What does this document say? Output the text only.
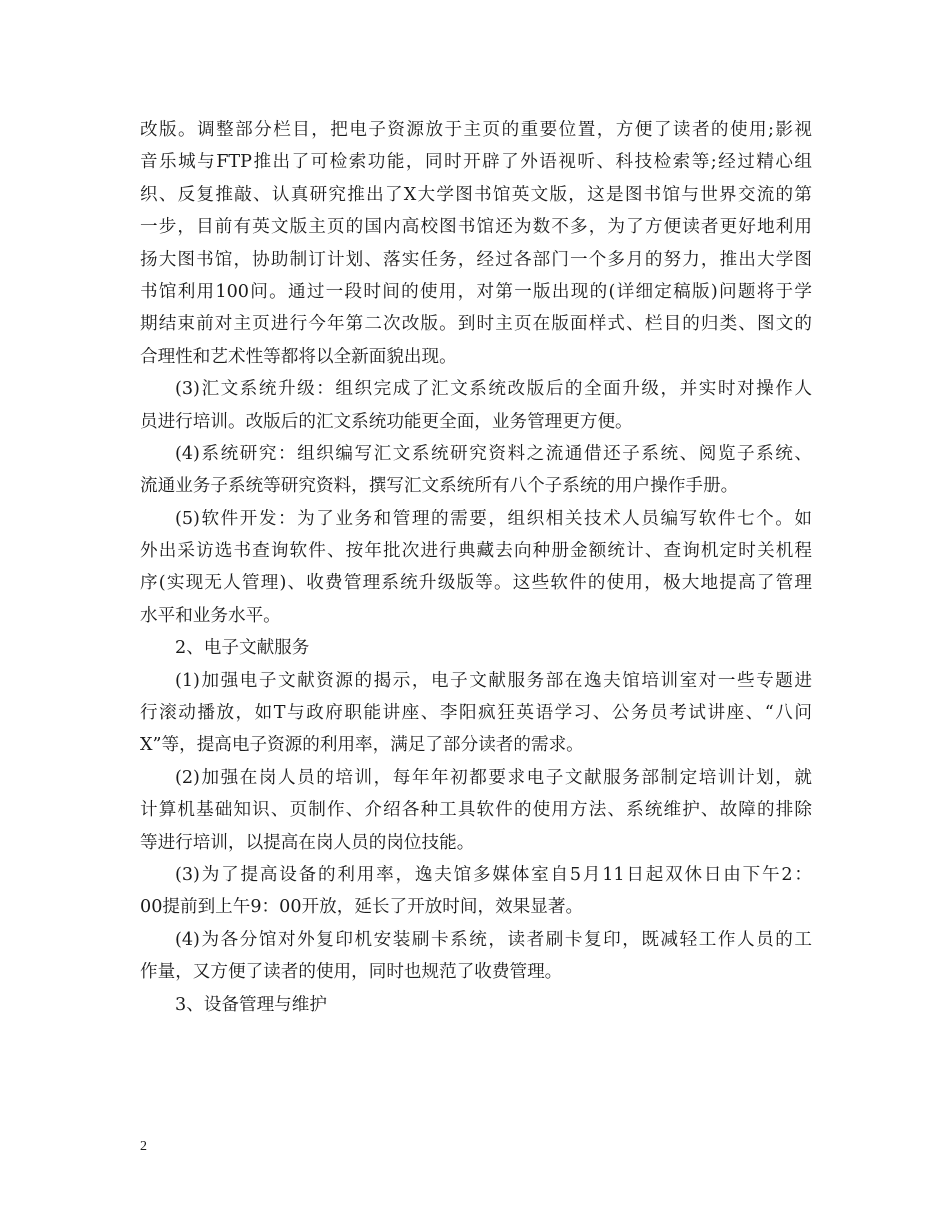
改版。调整部分栏目，把电子资源放于主页的重要位置，方便了读者的使用;影视
音乐城与FTP推出了可检索功能，同时开辟了外语视听、科技检索等;经过精心组
织、反复推敲、认真研究推出了X大学图书馆英文版，这是图书馆与世界交流的第
一步，目前有英文版主页的国内高校图书馆还为数不多，为了方便读者更好地利用
扬大图书馆，协助制订计划、落实任务，经过各部门一个多月的努力，推出大学图
书馆利用100问。通过一段时间的使用，对第一版出现的(详细定稿版)问题将于学
期结束前对主页进行今年第二次改版。到时主页在版面样式、栏目的归类、图文的
合理性和艺术性等都将以全新面貌出现。
(3)汇文系统升级：组织完成了汇文系统改版后的全面升级，并实时对操作人
员进行培训。改版后的汇文系统功能更全面，业务管理更方便。
(4)系统研究：组织编写汇文系统研究资料之流通借还子系统、阅览子系统、
流通业务子系统等研究资料，撰写汇文系统所有八个子系统的用户操作手册。
(5)软件开发：为了业务和管理的需要，组织相关技术人员编写软件七个。如
外出采访选书查询软件、按年批次进行典藏去向种册金额统计、查询机定时关机程
序(实现无人管理)、收费管理系统升级版等。这些软件的使用，极大地提高了管理
水平和业务水平。
2、电子文献服务
(1)加强电子文献资源的揭示，电子文献服务部在逸夫馆培训室对一些专题进
行滚动播放，如T与政府职能讲座、李阳疯狂英语学习、公务员考试讲座、“八问
X”等，提高电子资源的利用率，满足了部分读者的需求。
(2)加强在岗人员的培训，每年年初都要求电子文献服务部制定培训计划，就
计算机基础知识、页制作、介绍各种工具软件的使用方法、系统维护、故障的排除
等进行培训，以提高在岗人员的岗位技能。
(3)为了提高设备的利用率，逸夫馆多媒体室自5月11日起双休日由下午2：
00提前到上午9：00开放，延长了开放时间，效果显著。
(4)为各分馆对外复印机安装刷卡系统，读者刷卡复印，既减轻工作人员的工
作量，又方便了读者的使用，同时也规范了收费管理。
3、设备管理与维护
2
